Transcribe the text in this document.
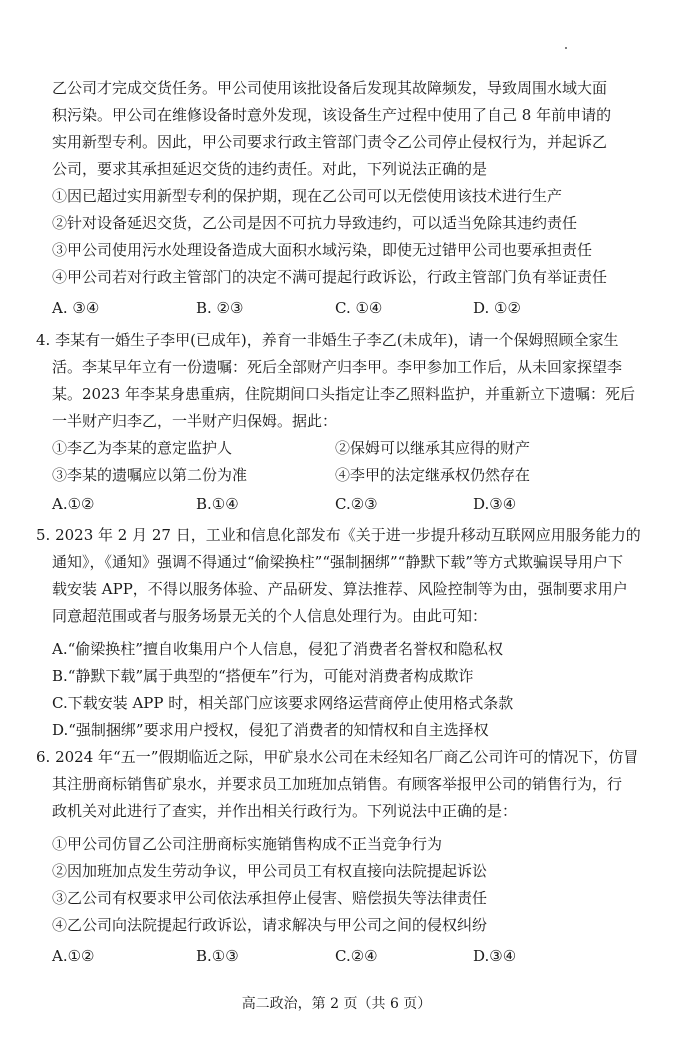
乙公司才完成交货任务。甲公司使用该批设备后发现其故障频发，导致周围水域大面
积污染。甲公司在维修设备时意外发现，该设备生产过程中使用了自己 8 年前申请的
实用新型专利。因此，甲公司要求行政主管部门责令乙公司停止侵权行为，并起诉乙
公司，要求其承担延迟交货的违约责任。对此，下列说法正确的是
①因已超过实用新型专利的保护期，现在乙公司可以无偿使用该技术进行生产
②针对设备延迟交货，乙公司是因不可抗力导致违约，可以适当免除其违约责任
③甲公司使用污水处理设备造成大面积水域污染，即使无过错甲公司也要承担责任
④甲公司若对行政主管部门的决定不满可提起行政诉讼，行政主管部门负有举证责任
A. ③④	B. ②③	C. ①④	D. ①②
4. 李某有一婚生子李甲(已成年)，养育一非婚生子李乙(未成年)，请一个保姆照顾全家生
活。李某早年立有一份遗嘱：死后全部财产归李甲。李甲参加工作后，从未回家探望李
某。2023 年李某身患重病，住院期间口头指定让李乙照料监护，并重新立下遗嘱：死后
一半财产归李乙，一半财产归保姆。据此：
①李乙为李某的意定监护人	②保姆可以继承其应得的财产
③李某的遗嘱应以第二份为准	④李甲的法定继承权仍然存在
A.①②	B.①④	C.②③	D.③④
5. 2023 年 2 月 27 日，工业和信息化部发布《关于进一步提升移动互联网应用服务能力的
通知》，《通知》强调不得通过“偷梁换柱”“强制捆绑”“静默下载”等方式欺骗误导用户下
载安装 APP，不得以服务体验、产品研发、算法推荐、风险控制等为由，强制要求用户
同意超范围或者与服务场景无关的个人信息处理行为。由此可知：
A.“偷梁换柱”擅自收集用户个人信息，侵犯了消费者名誉权和隐私权
B.“静默下载”属于典型的“搭便车”行为，可能对消费者构成欺诈
C.下载安装 APP 时，相关部门应该要求网络运营商停止使用格式条款
D.“强制捆绑”要求用户授权，侵犯了消费者的知情权和自主选择权
6. 2024 年“五一”假期临近之际，甲矿泉水公司在未经知名厂商乙公司许可的情况下，仿冒
其注册商标销售矿泉水，并要求员工加班加点销售。有顾客举报甲公司的销售行为，行
政机关对此进行了查实，并作出相关行政行为。下列说法中正确的是：
①甲公司仿冒乙公司注册商标实施销售构成不正当竞争行为
②因加班加点发生劳动争议，甲公司员工有权直接向法院提起诉讼
③乙公司有权要求甲公司依法承担停止侵害、赔偿损失等法律责任
④乙公司向法院提起行政诉讼，请求解决与甲公司之间的侵权纠纷
A.①②	B.①③	C.②④	D.③④
高二政治，第 2 页（共 6 页）
